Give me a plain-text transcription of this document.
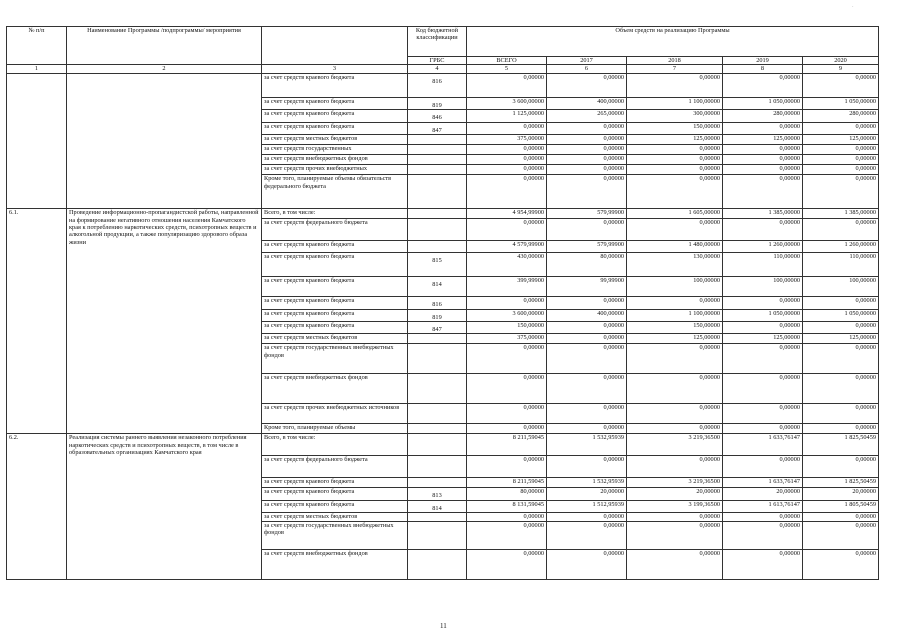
·
№ п/п	Наименование Программы /подпрограммы/ мероприятия		Код бюджетной классификации	Объем средств на реализацию Программы				
			ГРБС	ВСЕГО	2017	2018	2019	2020
1	2	3	4	5	6	7	8	9
		за счет средств краевого бюджета	816	0,00000	0,00000	0,00000	0,00000	0,00000
		за счет средств краевого бюджета	819	3 600,00000	400,00000	1 100,00000	1 050,00000	1 050,00000
		за счет средств краевого бюджета	846	1 125,00000	265,00000	300,00000	280,00000	280,00000
		за счет средств краевого бюджета	847	0,00000	0,00000	150,00000	0,00000	0,00000
		за счет средств местных бюджетов		375,00000	0,00000	125,00000	125,00000	125,00000
		за счет средств государственных		0,00000	0,00000	0,00000	0,00000	0,00000
		за счет средств внебюджетных фондов		0,00000	0,00000	0,00000	0,00000	0,00000
		за счет средств прочих внебюджетных		0,00000	0,00000	0,00000	0,00000	0,00000
		Кроме того, планируемые объемы обязательств федерального бюджета		0,00000	0,00000	0,00000	0,00000	0,00000
6.1.	Проведение информационно-пропагандистской работы, направленной на формирование негативного отношения населения Камчатского края к потреблению наркотических средств, психотропных веществ и алкогольной продукции, а также популяризацию здорового образа жизни	Всего, в том числе:		4 954,99900	579,99900	1 605,00000	1 385,00000	1 385,00000
		за счет средств федерального бюджета		0,00000	0,00000	0,00000	0,00000	0,00000
		за счет средств краевого бюджета		4 579,99900	579,99900	1 480,00000	1 260,00000	1 260,00000
		за счет средств краевого бюджета	815	430,00000	80,00000	130,00000	110,00000	110,00000
		за счет средств краевого бюджета	814	399,99900	99,99900	100,00000	100,00000	100,00000
		за счет средств краевого бюджета	816	0,00000	0,00000	0,00000	0,00000	0,00000
		за счет средств краевого бюджета	819	3 600,00000	400,00000	1 100,00000	1 050,00000	1 050,00000
		за счет средств краевого бюджета	847	150,00000	0,00000	150,00000	0,00000	0,00000
		за счет средств местных бюджетов		375,00000	0,00000	125,00000	125,00000	125,00000
		за счет средств государственных внебюджетных фондов		0,00000	0,00000	0,00000	0,00000	0,00000
		за счет средств внебюджетных фондов		0,00000	0,00000	0,00000	0,00000	0,00000
		за счет средств прочих внебюджетных источников		0,00000	0,00000	0,00000	0,00000	0,00000
		Кроме того, планируемые объемы		0,00000	0,00000	0,00000	0,00000	0,00000
6.2.	Реализация системы раннего выявления незаконного потребления наркотических средств и психотропных веществ, в том числе в образовательных организациях Камчатского края	Всего, в том числе:		8 211,59045	1 532,95939	3 219,36500	1 633,76147	1 825,50459
		за счет средств федерального бюджета		0,00000	0,00000	0,00000	0,00000	0,00000
		за счет средств краевого бюджета		8 211,59045	1 532,95939	3 219,36500	1 633,76147	1 825,50459
		за счет средств краевого бюджета	813	80,00000	20,00000	20,00000	20,00000	20,00000
		за счет средств краевого бюджета	814	8 131,59045	1 512,95939	3 199,36500	1 613,76147	1 805,50459
		за счет средств местных бюджетов		0,00000	0,00000	0,00000	0,00000	0,00000
		за счет средств государственных внебюджетных фондов		0,00000	0,00000	0,00000	0,00000	0,00000
		за счет средств внебюджетных фондов		0,00000	0,00000	0,00000	0,00000	0,00000
11
